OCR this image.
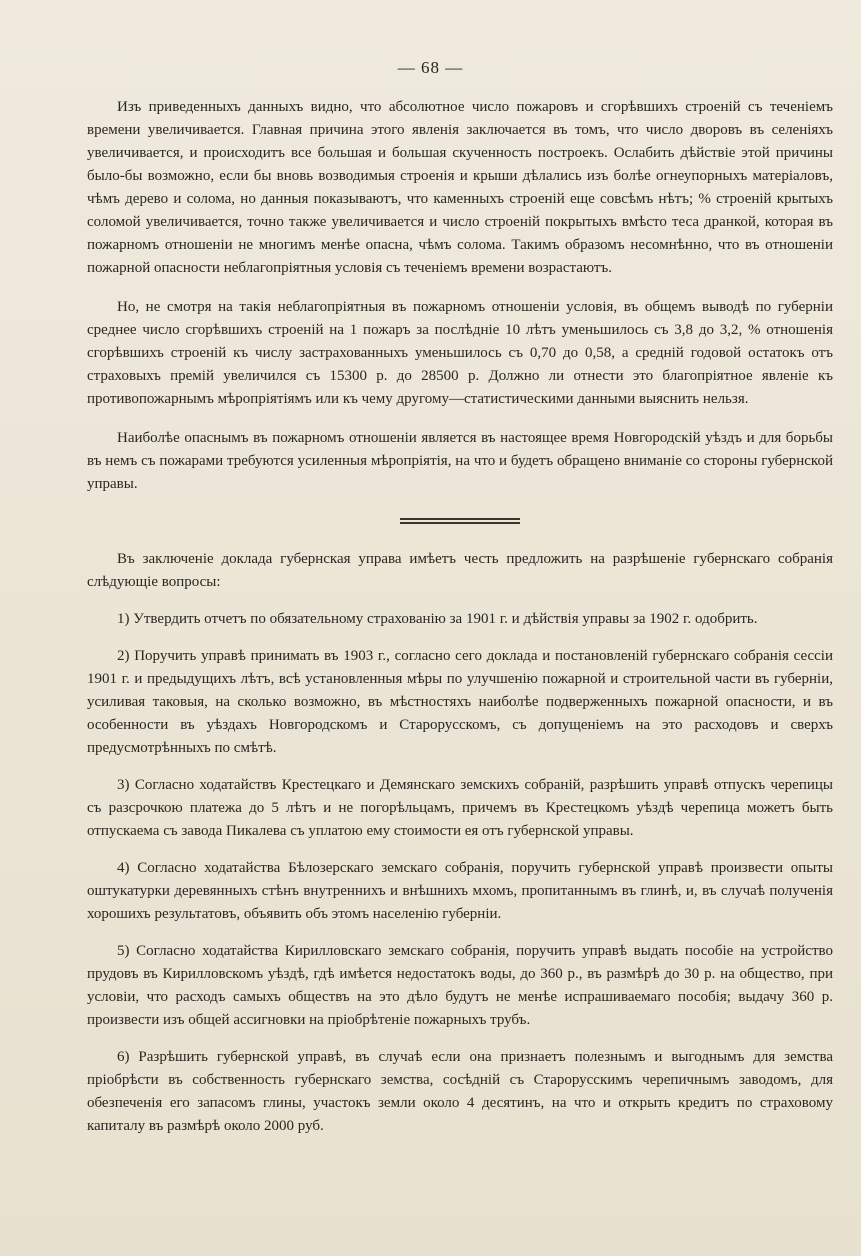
— 68 —

Изъ приведенныхъ данныхъ видно, что абсолютное число пожаровъ и сгорѣвшихъ строеній съ теченіемъ времени увеличивается. Главная причина этого явленія заключается въ томъ, что число дворовъ въ селеніяхъ увеличивается, и происходитъ все большая и большая скученность построекъ. Ослабить дѣйствіе этой причины было-бы возможно, если бы вновь возводимыя строенія и крыши дѣлались изъ болѣе огнеупорныхъ матеріаловъ, чѣмъ дерево и солома, но данныя показываютъ, что каменныхъ строеній еще совсѣмъ нѣтъ; % строеній крытыхъ соломой увеличивается, точно также увеличивается и число строеній покрытыхъ вмѣсто теса дранкой, которая въ пожарномъ отношеніи не многимъ менѣе опасна, чѣмъ солома. Такимъ образомъ несомнѣнно, что въ отношеніи пожарной опасности неблагопріятныя условія съ теченіемъ времени возрастаютъ.

Но, не смотря на такія неблагопріятныя въ пожарномъ отношеніи условія, въ общемъ выводѣ по губерніи среднее число сгорѣвшихъ строеній на 1 пожаръ за послѣдніе 10 лѣтъ уменьшилось съ 3,8 до 3,2, % отношенія сгорѣвшихъ строеній къ числу застрахованныхъ уменьшилось съ 0,70 до 0,58, а средній годовой остатокъ отъ страховыхъ премій увеличился съ 15300 р. до 28500 р. Должно ли отнести это благопріятное явленіе къ противопожарнымъ мѣропріятіямъ или къ чему другому—статистическими данными выяснить нельзя.

Наиболѣе опаснымъ въ пожарномъ отношеніи является въ настоящее время Новгородскій уѣздъ и для борьбы въ немъ съ пожарами требуются усиленныя мѣропріятія, на что и будетъ обращено вниманіе со стороны губернской управы.

Въ заключеніе доклада губернская управа имѣетъ честь предложить на разрѣшеніе губернскаго собранія слѣдующіе вопросы:

1) Утвердить отчетъ по обязательному страхованію за 1901 г. и дѣйствія управы за 1902 г. одобрить.

2) Поручить управѣ принимать въ 1903 г., согласно сего доклада и постановленій губернскаго собранія сессіи 1901 г. и предыдущихъ лѣтъ, всѣ установленныя мѣры по улучшенію пожарной и строительной части въ губерніи, усиливая таковыя, на сколько возможно, въ мѣстностяхъ наиболѣе подверженныхъ пожарной опасности, и въ особенности въ уѣздахъ Новгородскомъ и Старорусскомъ, съ допущеніемъ на это расходовъ и сверхъ предусмотрѣнныхъ по смѣтѣ.

3) Согласно ходатайствъ Крестецкаго и Демянскаго земскихъ собраній, разрѣшить управѣ отпускъ черепицы съ разсрочкою платежа до 5 лѣтъ и не погорѣльцамъ, причемъ въ Крестецкомъ уѣздѣ черепица можетъ быть отпускаема съ завода Пикалева съ уплатою ему стоимости ея отъ губернской управы.

4) Согласно ходатайства Бѣлозерскаго земскаго собранія, поручить губернской управѣ произвести опыты оштукатурки деревянныхъ стѣнъ внутреннихъ и внѣшнихъ мхомъ, пропитаннымъ въ глинѣ, и, въ случаѣ полученія хорошихъ результатовъ, объявить объ этомъ населенію губерніи.

5) Согласно ходатайства Кирилловскаго земскаго собранія, поручить управѣ выдать пособіе на устройство прудовъ въ Кирилловскомъ уѣздѣ, гдѣ имѣется недостатокъ воды, до 360 р., въ размѣрѣ до 30 р. на общество, при условіи, что расходъ самыхъ обществъ на это дѣло будутъ не менѣе испрашиваемаго пособія; выдачу 360 р. произвести изъ общей ассигновки на пріобрѣтеніе пожарныхъ трубъ.

6) Разрѣшить губернской управѣ, въ случаѣ если она признаетъ полезнымъ и выгоднымъ для земства пріобрѣсти въ собственность губернскаго земства, сосѣдній съ Старорусскимъ черепичнымъ заводомъ, для обезпеченія его запасомъ глины, участокъ земли около 4 десятинъ, на что и открыть кредитъ по страховому капиталу въ размѣрѣ около 2000 руб.
